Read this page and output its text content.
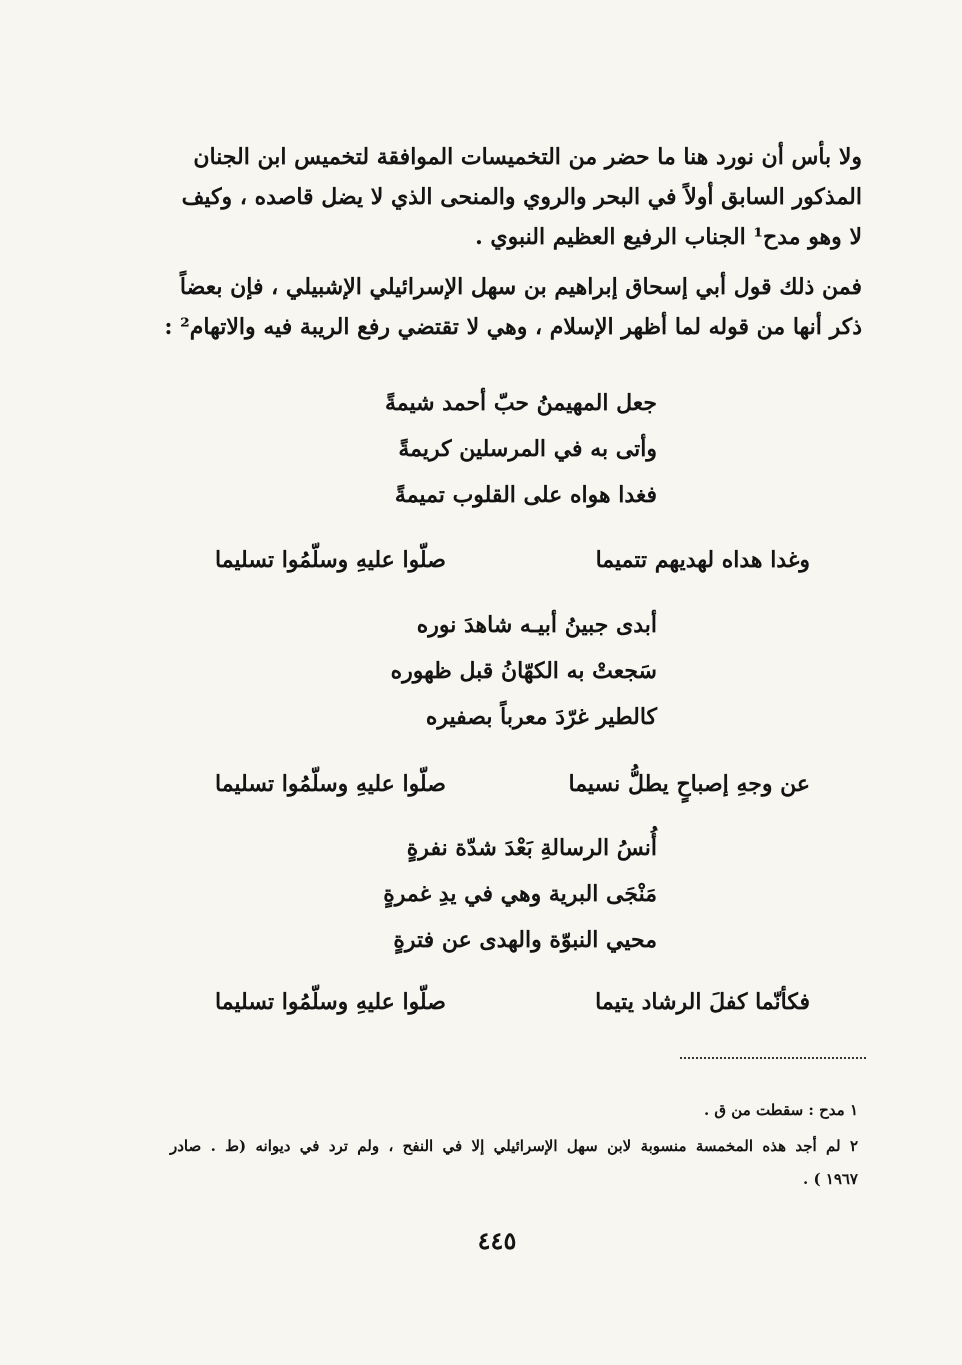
ولا بأس أن نورد هنا ما حضر من التخميسات الموافقة لتخميس ابن الجنان

المذكور السابق أولاً في البحر والروي والمنحى الذي لا يضل قاصده ، وكيف

لا وهو مدح¹ الجناب الرفيع العظيم النبوي .

فمن ذلك قول أبي إسحاق إبراهيم بن سهل الإسرائيلي الإشبيلي ، فإن بعضاً

ذكر أنها من قوله لما أظهر الإسلام ، وهي لا تقتضي رفع الريبة فيه والاتهام² :

جعل المهيمنُ حبّ أحمد شيمةً
وأتى به في المرسلين كريمةً
فغدا هواه على القلوب تميمةً
وغدا هداه لهديهم تتميما
صلّوا عليهِ وسلّمُوا تسليما
أبدى جبينُ أبيـه شاهدَ نوره
سَجعتْ به الكهّانُ قبل ظهوره
كالطير غرّدَ معرباً بصفيره
عن وجهِ إصباحٍ يطلُّ نسيما
صلّوا عليهِ وسلّمُوا تسليما
أُنسُ الرسالةِ بَعْدَ شدّة نفرةٍ
مَنْجَى البرية وهي في يدِ غمرةٍ
محيي النبوّة والهدى عن فترةٍ
فكأنّما كفلَ الرشاد يتيما
صلّوا عليهِ وسلّمُوا تسليما
١ مدح : سقطت من ق .
٢ لم أجد هذه المخمسة منسوبة لابن سهل الإسرائيلي إلا في النفح ، ولم ترد في ديوانه (ط . صادر
١٩٦٧ ) .
٤٤٥
